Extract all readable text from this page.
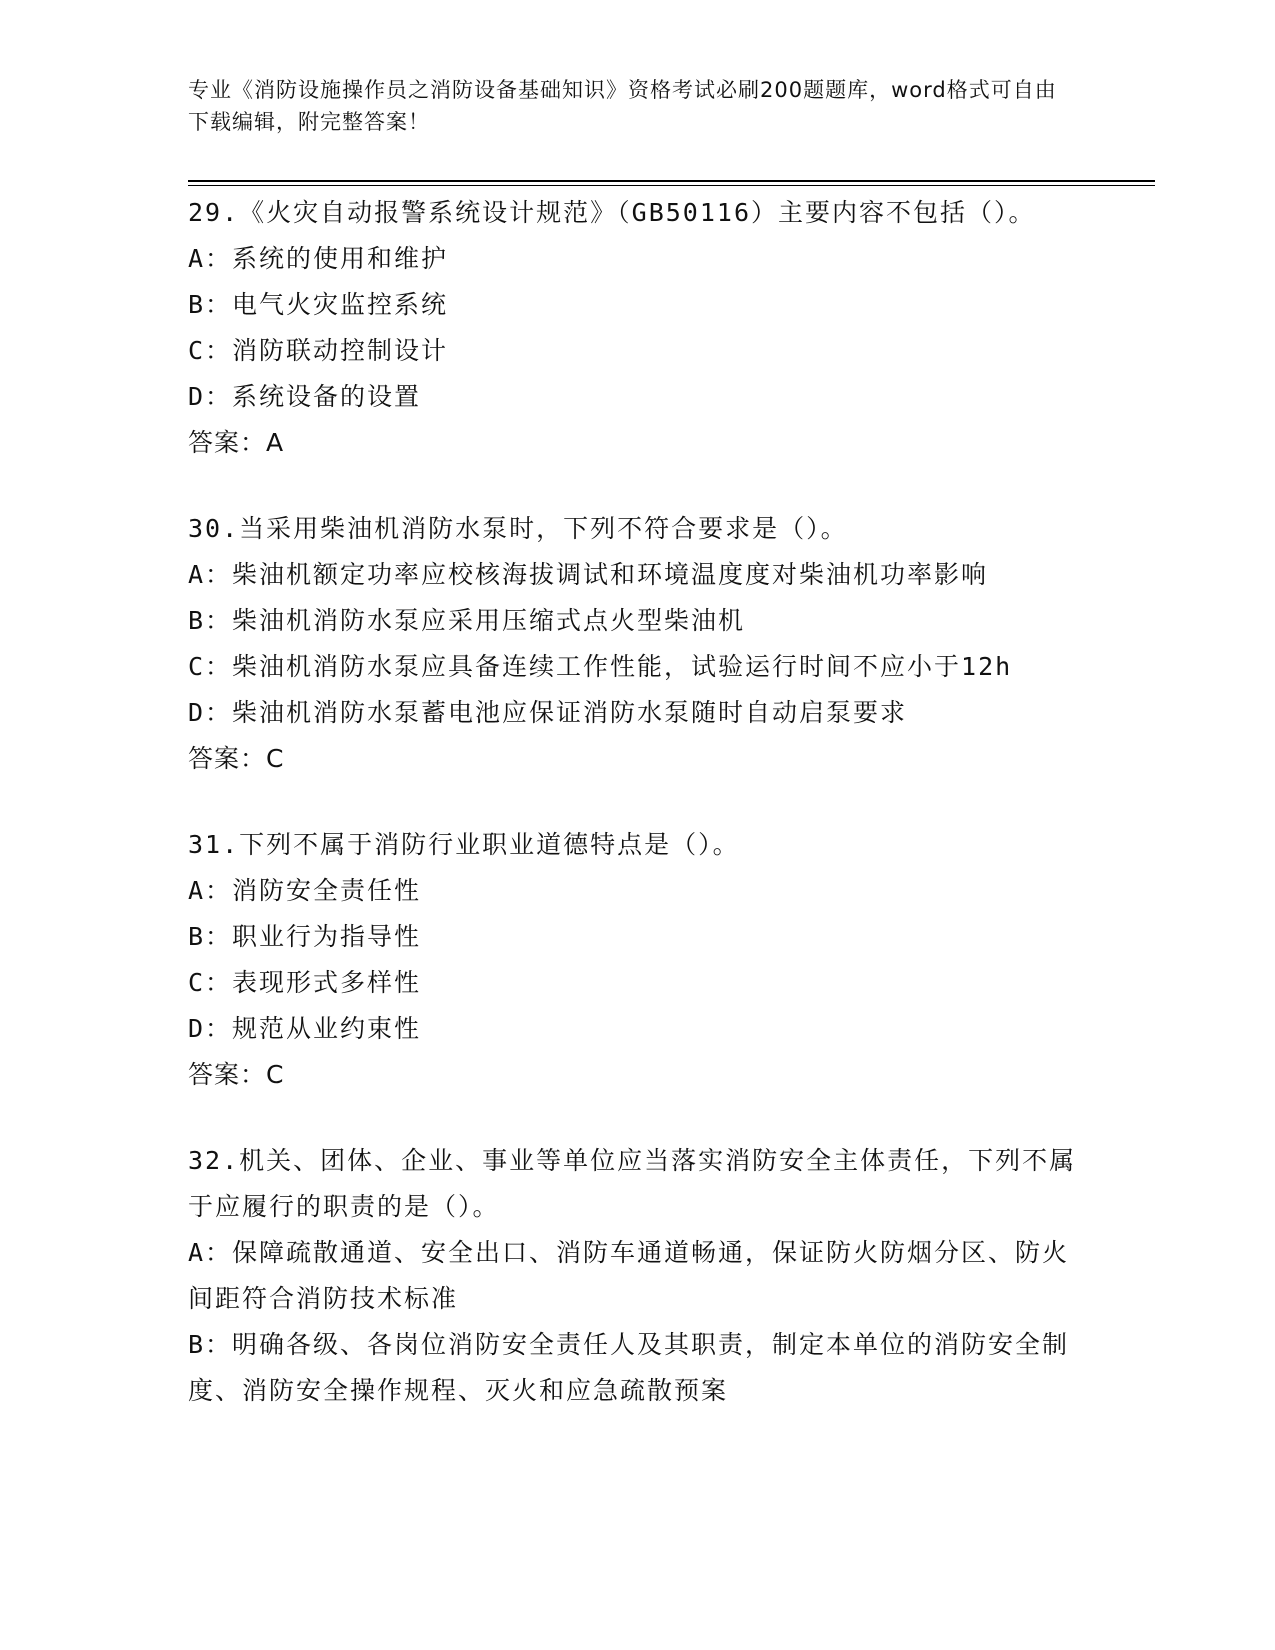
专业《消防设施操作员之消防设备基础知识》资格考试必刷200题题库，word格式可自由下载编辑，附完整答案！
29.《火灾自动报警系统设计规范》（GB50116）主要内容不包括（）。
A：系统的使用和维护
B：电气火灾监控系统
C：消防联动控制设计
D：系统设备的设置
答案：A
30.当采用柴油机消防水泵时，下列不符合要求是（）。
A：柴油机额定功率应校核海拔调试和环境温度度对柴油机功率影响
B：柴油机消防水泵应采用压缩式点火型柴油机
C：柴油机消防水泵应具备连续工作性能，试验运行时间不应小于12h
D：柴油机消防水泵蓄电池应保证消防水泵随时自动启泵要求
答案：C
31.下列不属于消防行业职业道德特点是（）。
A：消防安全责任性
B：职业行为指导性
C：表现形式多样性
D：规范从业约束性
答案：C
32.机关、团体、企业、事业等单位应当落实消防安全主体责任，下列不属于应履行的职责的是（）。
A：保障疏散通道、安全出口、消防车通道畅通，保证防火防烟分区、防火间距符合消防技术标准
B：明确各级、各岗位消防安全责任人及其职责，制定本单位的消防安全制度、消防安全操作规程、灭火和应急疏散预案
